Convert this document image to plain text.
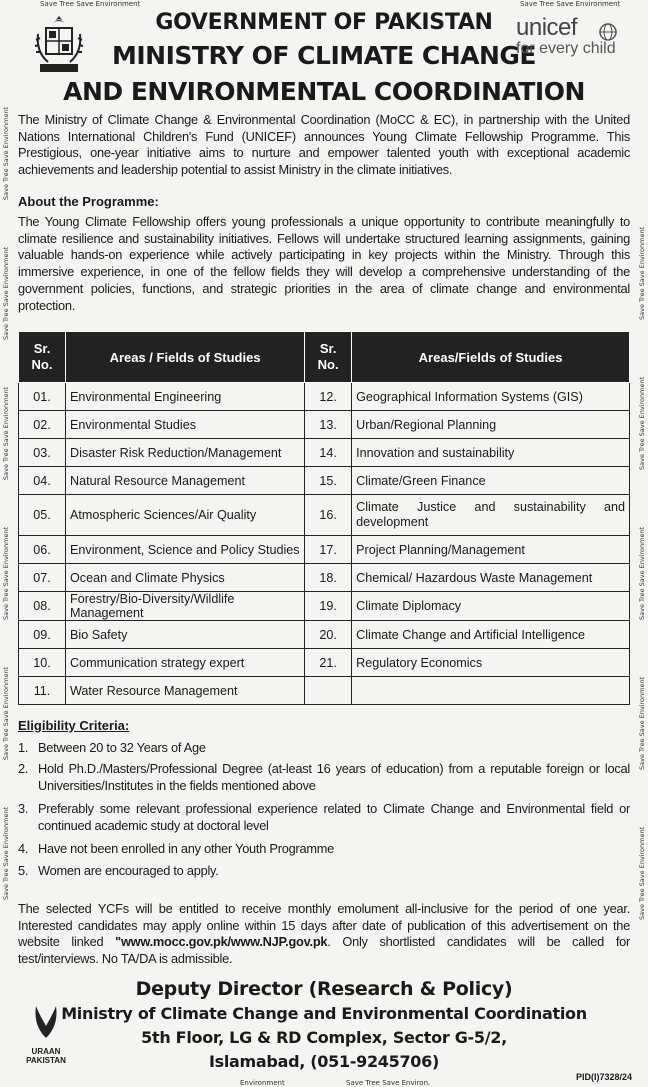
Save Tree Save Environment	Save Tree Save Environment
Save Tree Save Environment
Save Tree Save Environment
Save Tree Save Environment
Save Tree Save Environment
Save Tree Save Environment
Save Tree Save Environment
Save Tree Save Environment
Save Tree Save Environment
Save Tree Save Environment
Save Tree Save Environment
Save Tree Save Environment
Environment	Save Tree Save Environ.
GOVERNMENT OF PAKISTAN
MINISTRY OF CLIMATE CHANGE
AND ENVIRONMENTAL COORDINATION
unicef
for every child

The Ministry of Climate Change & Environmental Coordination (MoCC & EC), in partnership with the United Nations International Children's Fund (UNICEF) announces Young Climate Fellowship Programme. This Prestigious, one-year initiative aims to nurture and empower talented youth with exceptional academic achievements and leadership potential to assist Ministry in the climate initiatives.

About the Programme:

The Young Climate Fellowship offers young professionals a unique opportunity to contribute meaningfully to climate resilience and sustainability initiatives. Fellows will undertake structured learning assignments, gaining valuable hands-on experience while actively participating in key projects within the Ministry. Through this immersive experience, in one of the fellow fields they will develop a comprehensive understanding of the government policies, functions, and strategic priorities in the area of climate change and environmental protection.

Sr.
No.	Areas / Fields of Studies	Sr.
No.	Areas/Fields of Studies
01.	Environmental Engineering	12.	Geographical Information Systems (GIS)
02.	Environmental Studies	13.	Urban/Regional Planning
03.	Disaster Risk Reduction/Management	14.	Innovation and sustainability
04.	Natural Resource Management	15.	Climate/Green Finance
05.	Atmospheric Sciences/Air Quality	16.	Climate Justice and sustainability and development
06.	Environment, Science and Policy Studies	17.	Project Planning/Management
07.	Ocean and Climate Physics	18.	Chemical/ Hazardous Waste Management
08.	Forestry/Bio-Diversity/Wildlife Management	19.	Climate Diplomacy
09.	Bio Safety	20.	Climate Change and Artificial Intelligence
10.	Communication strategy expert	21.	Regulatory Economics
11.	Water Resource Management		
Eligibility Criteria:
1. Between 20 to 32 Years of Age
2. Hold Ph.D./Masters/Professional Degree (at-least 16 years of education) from a reputable foreign or local Universities/Institutes in the fields mentioned above
3. Preferably some relevant professional experience related to Climate Change and Environmental field or continued academic study at doctoral level
4. Have not been enrolled in any other Youth Programme
5. Women are encouraged to apply.

The selected YCFs will be entitled to receive monthly emolument all-inclusive for the period of one year. Interested candidates may apply online within 15 days after date of publication of this advertisement on the website linked "www.mocc.gov.pk/www.NJP.gov.pk. Only shortlisted candidates will be called for test/interviews. No TA/DA is admissible.

Deputy Director (Research & Policy)
Ministry of Climate Change and Environmental Coordination
5th Floor, LG & RD Complex, Sector G-5/2,
Islamabad, (051-9245706)
URAAN
PAKISTAN
PID(I)7328/24
